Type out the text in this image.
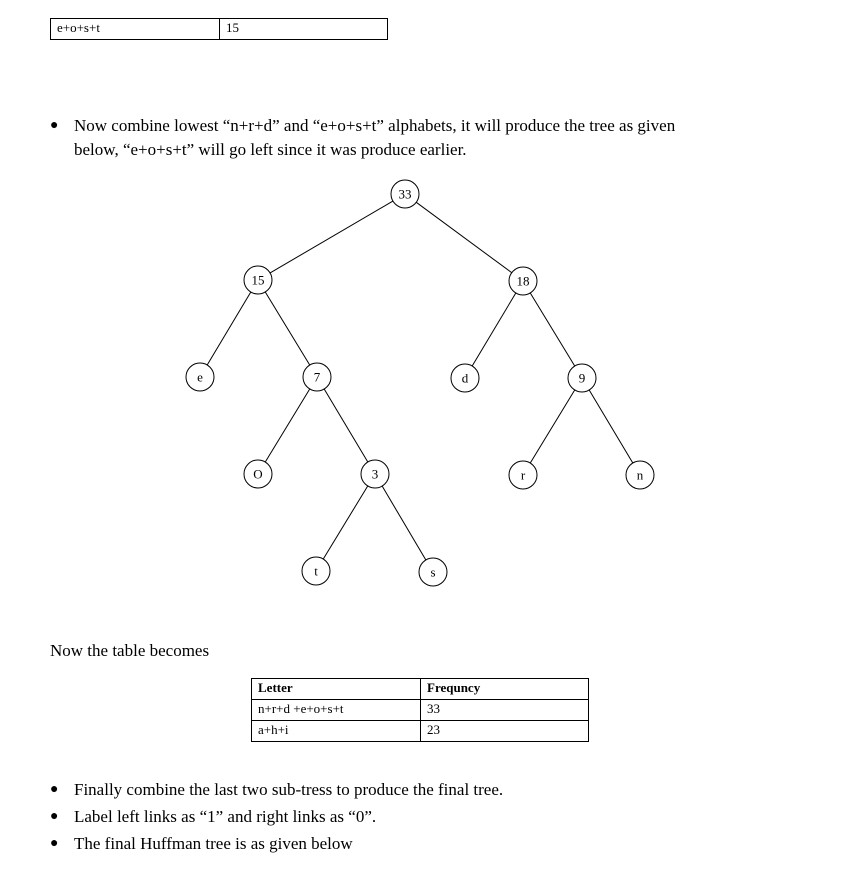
e+o+s+t	15
● Now combine lowest “n+r+d” and “e+o+s+t” alphabets, it will produce the tree as given
below, “e+o+s+t” will go left since it was produce earlier.
33
15	18
e	7	d	9
O	3	r	n
t	s
Now the table becomes
Letter	Frequncy
n+r+d +e+o+s+t	33
a+h+i	23
● Finally combine the last two sub-tress to produce the final tree.
● Label left links as “1” and right links as “0”.
● The final Huffman tree is as given below
